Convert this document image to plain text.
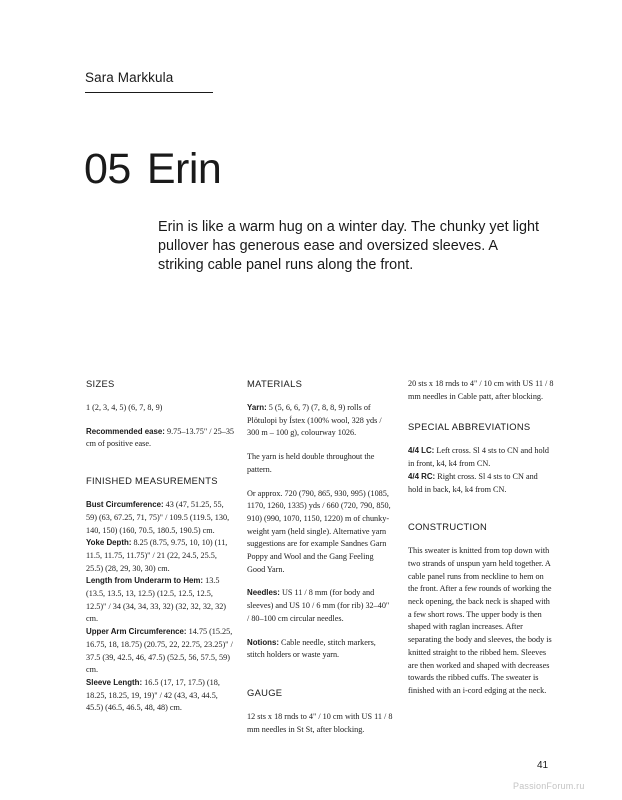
Sara Markkula
05 Erin

Erin is like a warm hug on a winter day. The chunky yet light pullover has generous ease and oversized sleeves. A striking cable panel runs along the front.

SIZES

1 (2, 3, 4, 5) (6, 7, 8, 9)

Recommended ease: 9.75–13.75" / 25–35 cm of positive ease.

FINISHED MEASUREMENTS

Bust Circumference: 43 (47, 51.25, 55, 59) (63, 67.25, 71, 75)" / 109.5 (119.5, 130, 140, 150) (160, 70.5, 180.5, 190.5) cm.

Yoke Depth: 8.25 (8.75, 9.75, 10, 10) (11, 11.5, 11.75, 11.75)" / 21 (22, 24.5, 25.5, 25.5) (28, 29, 30, 30) cm.

Length from Underarm to Hem: 13.5 (13.5, 13.5, 13, 12.5) (12.5, 12.5, 12.5, 12.5)" / 34 (34, 34, 33, 32) (32, 32, 32, 32) cm.

Upper Arm Circumference: 14.75 (15.25, 16.75, 18, 18.75) (20.75, 22, 22.75, 23.25)" / 37.5 (39, 42.5, 46, 47.5) (52.5, 56, 57.5, 59) cm.

Sleeve Length: 16.5 (17, 17, 17.5) (18, 18.25, 18.25, 19, 19)" / 42 (43, 43, 44.5, 45.5) (46.5, 46.5, 48, 48) cm.

MATERIALS

Yarn: 5 (5, 6, 6, 7) (7, 8, 8, 9) rolls of Plötulopi by Ístex (100% wool, 328 yds / 300 m – 100 g), colourway 1026.

The yarn is held double throughout the pattern.

Or approx. 720 (790, 865, 930, 995) (1085, 1170, 1260, 1335) yds / 660 (720, 790, 850, 910) (990, 1070, 1150, 1220) m of chunky-weight yarn (held single). Alternative yarn suggestions are for example Sandnes Garn Poppy and Wool and the Gang Feeling Good Yarn.

Needles: US 11 / 8 mm (for body and sleeves) and US 10 / 6 mm (for rib) 32–40" / 80–100 cm circular needles.

Notions: Cable needle, stitch markers, stitch holders or waste yarn.

GAUGE

12 sts x 18 rnds to 4" / 10 cm with US 11 / 8 mm needles in St St, after blocking.

20 sts x 18 rnds to 4" / 10 cm with US 11 / 8 mm needles in Cable patt, after blocking.

SPECIAL ABBREVIATIONS

4/4 LC: Left cross. Sl 4 sts to CN and hold in front, k4, k4 from CN.

4/4 RC: Right cross. Sl 4 sts to CN and hold in back, k4, k4 from CN.

CONSTRUCTION

This sweater is knitted from top down with two strands of unspun yarn held together. A cable panel runs from neckline to hem on the front. After a few rounds of working the neck opening, the back neck is shaped with a few short rows. The upper body is then shaped with raglan increases. After separating the body and sleeves, the body is knitted straight to the ribbed hem. Sleeves are then worked and shaped with decreases towards the ribbed cuffs. The sweater is finished with an i-cord edging at the neck.

41
PassionForum.ru
